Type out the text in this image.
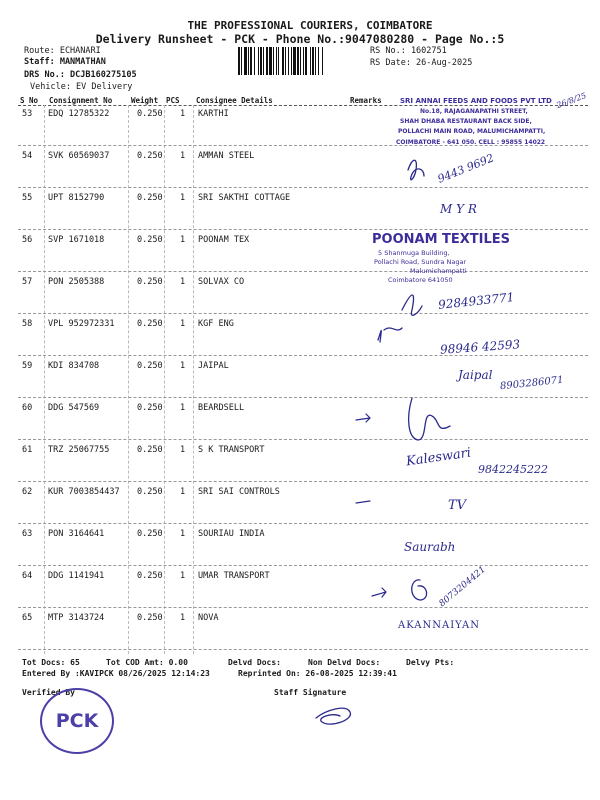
THE PROFESSIONAL COURIERS, COIMBATORE
Delivery Runsheet - PCK - Phone No.:9047080280 - Page No.:5
Route: ECHANARI
Staff: MANMATHAN
DRS No.: DCJB160275105
Vehicle: EV Delivery
RS No.: 1602751
RS Date: 26-Aug-2025
S No Consignment No	Weight PCS Consignee Details	Remarks
53 EDQ 12785322	0.250 1 KARTHI
54 SVK 60569037	0.250 1 AMMAN STEEL
55 UPT 8152790	0.250 1 SRI SAKTHI COTTAGE
56 SVP 1671018	0.250 1 POONAM TEX
57 PON 2505388	0.250 1 SOLVAX CO
58 VPL 952972331	0.250 1 KGF ENG
59 KDI 834708	0.250 1 JAIPAL
60 DDG 547569	0.250 1 BEARDSELL
61 TRZ 25067755	0.250 1 S K TRANSPORT
62 KUR 7003854437 0.250 1 SRI SAI CONTROLS
63 PON 3164641	0.250 1 SOURIAU INDIA
64 DDG 1141941	0.250 1 UMAR TRANSPORT
65 MTP 3143724	0.250 1 NOVA
Tot Docs: 65	Tot COD Amt: 0.00	Delvd Docs:	Non Delvd Docs:	Delvy Pts:
Entered By :KAVIPCK 08/26/2025 12:14:23	Reprinted On: 26-08-2025 12:39:41
Verified By	Staff Signature
PCK
SRI ANNAI FEEDS AND FOODS PVT LTD
No.18, RAJAGANAPATHI STREET,
SHAH DHABA RESTAURANT BACK SIDE,
POLLACHI MAIN ROAD, MALUMICHAMPATTI,
COIMBATORE - 641 050. CELL : 95855 14022
26/8/25
9443 9692
M Y R
POONAM TEXTILES
5 Shanmuga Building,
Pollachi Road, Sundra Nagar
Malumichampatti
Coimbatore 641050
9284933771
98946 42593
Jaipal 8903286071
Kaleswari
9842245222
TV
Saurabh
8073204421
AKANNAIYAN
